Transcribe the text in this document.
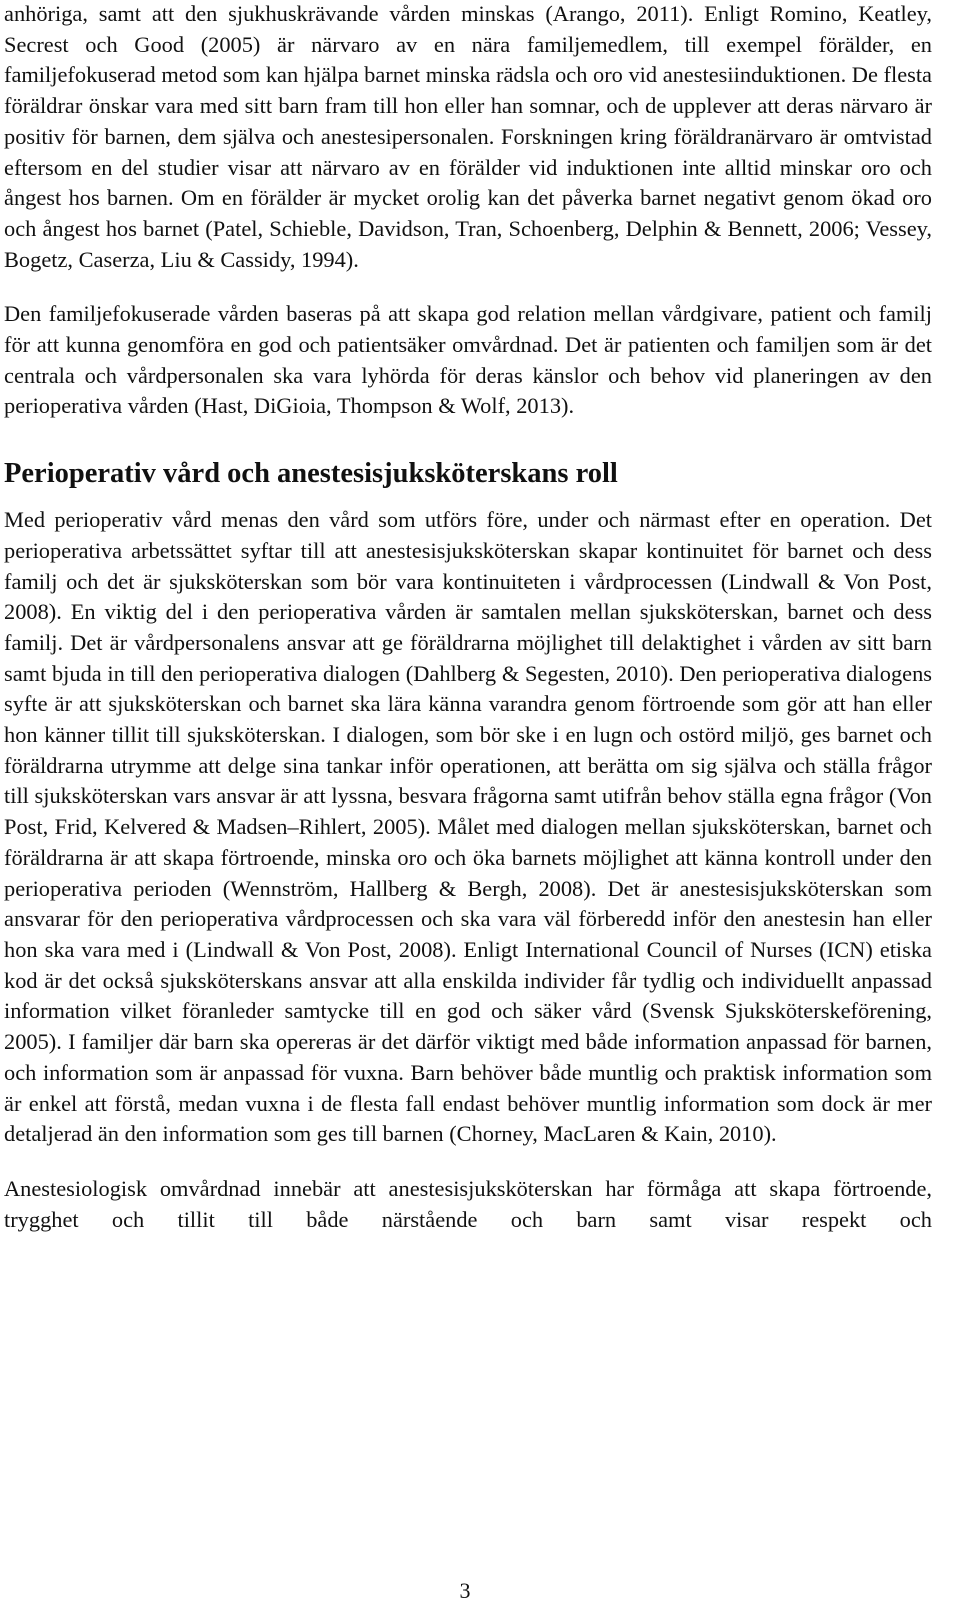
anhöriga, samt att den sjukhuskrävande vården minskas (Arango, 2011). Enligt Romino, Keatley, Secrest och Good (2005) är närvaro av en nära familjemedlem, till exempel förälder, en familjefokuserad metod som kan hjälpa barnet minska rädsla och oro vid anestesiinduktionen. De flesta föräldrar önskar vara med sitt barn fram till hon eller han somnar, och de upplever att deras närvaro är positiv för barnen, dem själva och anestesipersonalen. Forskningen kring föräldranärvaro är omtvistad eftersom en del studier visar att närvaro av en förälder vid induktionen inte alltid minskar oro och ångest hos barnen. Om en förälder är mycket orolig kan det påverka barnet negativt genom ökad oro och ångest hos barnet (Patel, Schieble, Davidson, Tran, Schoenberg, Delphin & Bennett, 2006; Vessey, Bogetz, Caserza, Liu & Cassidy, 1994).

Den familjefokuserade vården baseras på att skapa god relation mellan vårdgivare, patient och familj för att kunna genomföra en god och patientsäker omvårdnad. Det är patienten och familjen som är det centrala och vårdpersonalen ska vara lyhörda för deras känslor och behov vid planeringen av den perioperativa vården (Hast, DiGioia, Thompson & Wolf, 2013).

Perioperativ vård och anestesisjuksköterskans roll

Med perioperativ vård menas den vård som utförs före, under och närmast efter en operation. Det perioperativa arbetssättet syftar till att anestesisjuksköterskan skapar kontinuitet för barnet och dess familj och det är sjuksköterskan som bör vara kontinuiteten i vårdprocessen (Lindwall & Von Post, 2008). En viktig del i den perioperativa vården är samtalen mellan sjuksköterskan, barnet och dess familj. Det är vårdpersonalens ansvar att ge föräldrarna möjlighet till delaktighet i vården av sitt barn samt bjuda in till den perioperativa dialogen (Dahlberg & Segesten, 2010). Den perioperativa dialogens syfte är att sjuksköterskan och barnet ska lära känna varandra genom förtroende som gör att han eller hon känner tillit till sjuksköterskan. I dialogen, som bör ske i en lugn och ostörd miljö, ges barnet och föräldrarna utrymme att delge sina tankar inför operationen, att berätta om sig själva och ställa frågor till sjuksköterskan vars ansvar är att lyssna, besvara frågorna samt utifrån behov ställa egna frågor (Von Post, Frid, Kelvered & Madsen–Rihlert, 2005). Målet med dialogen mellan sjuksköterskan, barnet och föräldrarna är att skapa förtroende, minska oro och öka barnets möjlighet att känna kontroll under den perioperativa perioden (Wennström, Hallberg & Bergh, 2008). Det är anestesisjuksköterskan som ansvarar för den perioperativa vårdprocessen och ska vara väl förberedd inför den anestesin han eller hon ska vara med i (Lindwall & Von Post, 2008). Enligt International Council of Nurses (ICN) etiska kod är det också sjuksköterskans ansvar att alla enskilda individer får tydlig och individuellt anpassad information vilket föranleder samtycke till en god och säker vård (Svensk Sjuksköterskeförening, 2005). I familjer där barn ska opereras är det därför viktigt med både information anpassad för barnen, och information som är anpassad för vuxna. Barn behöver både muntlig och praktisk information som är enkel att förstå, medan vuxna i de flesta fall endast behöver muntlig information som dock är mer detaljerad än den information som ges till barnen (Chorney, MacLaren & Kain, 2010).

Anestesiologisk omvårdnad innebär att anestesisjuksköterskan har förmåga att skapa förtroende, trygghet och tillit till både närstående och barn samt visar respekt och

3
